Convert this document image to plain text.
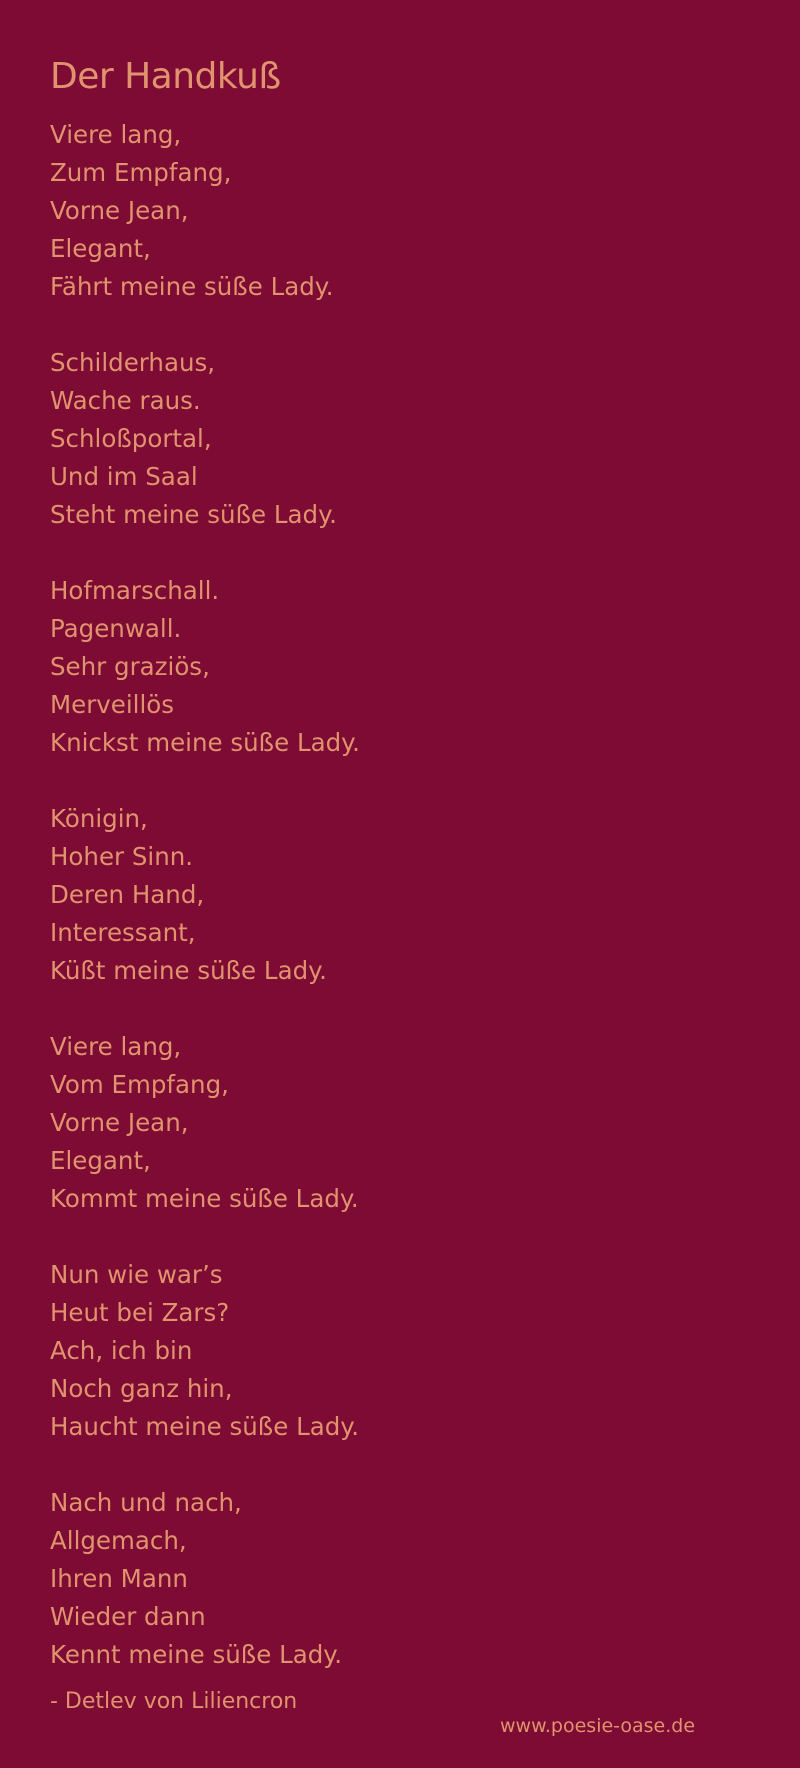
Der Handkuß
Viere lang,
Zum Empfang,
Vorne Jean,
Elegant,
Fährt meine süße Lady.
Schilderhaus,
Wache raus.
Schloßportal,
Und im Saal
Steht meine süße Lady.
Hofmarschall.
Pagenwall.
Sehr graziös,
Merveillös
Knickst meine süße Lady.
Königin,
Hoher Sinn.
Deren Hand,
Interessant,
Küßt meine süße Lady.
Viere lang,
Vom Empfang,
Vorne Jean,
Elegant,
Kommt meine süße Lady.
Nun wie war’s
Heut bei Zars?
Ach, ich bin
Noch ganz hin,
Haucht meine süße Lady.
Nach und nach,
Allgemach,
Ihren Mann
Wieder dann
Kennt meine süße Lady.
- Detlev von Liliencron
www.poesie-oase.de
